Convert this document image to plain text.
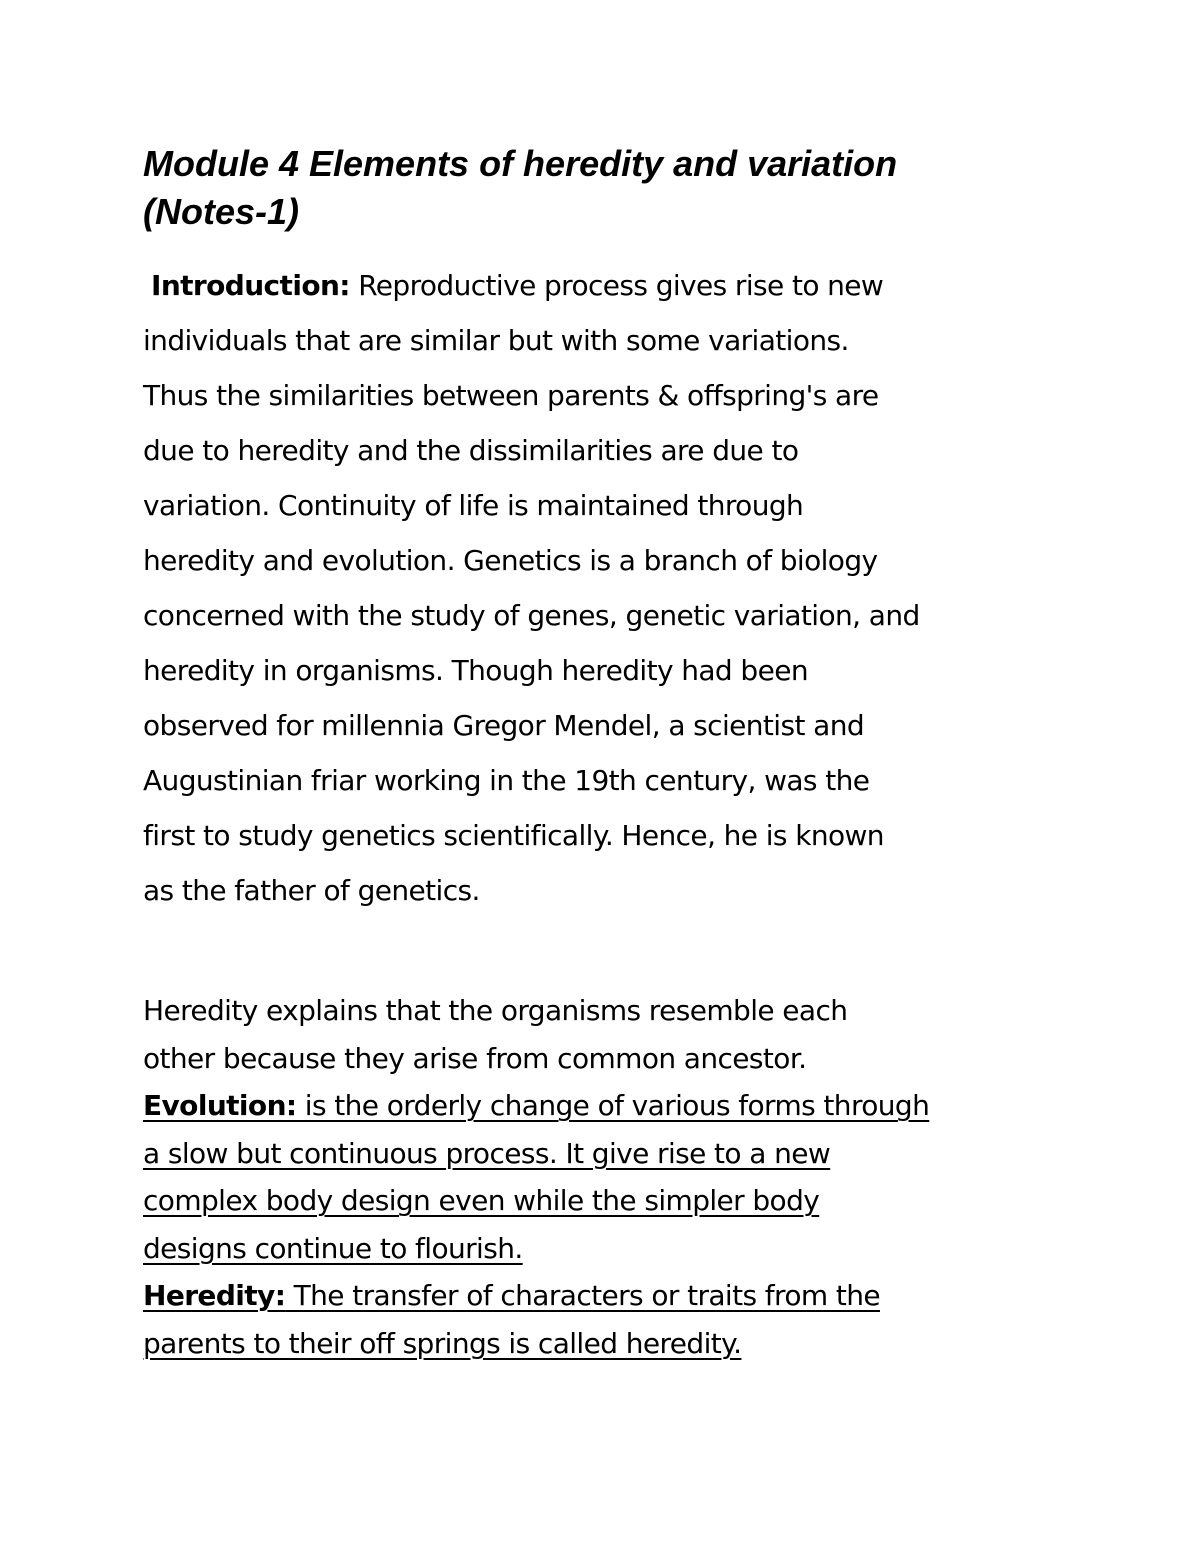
Module 4 Elements of heredity and variation
(Notes-1)

Introduction: Reproductive process gives rise to new
individuals that are similar but with some variations.
Thus the similarities between parents & offspring's are
due to heredity and the dissimilarities are due to
variation. Continuity of life is maintained through
heredity and evolution. Genetics is a branch of biology
concerned with the study of genes, genetic variation, and
heredity in organisms. Though heredity had been
observed for millennia Gregor Mendel, a scientist and
Augustinian friar working in the 19th century, was the
first to study genetics scientifically. Hence, he is known
as the father of genetics.

Heredity explains that the organisms resemble each
other because they arise from common ancestor.
Evolution: is the orderly change of various forms through
a slow but continuous process. It give rise to a new
complex body design even while the simpler body
designs continue to flourish.
Heredity: The transfer of characters or traits from the
parents to their off springs is called heredity.
